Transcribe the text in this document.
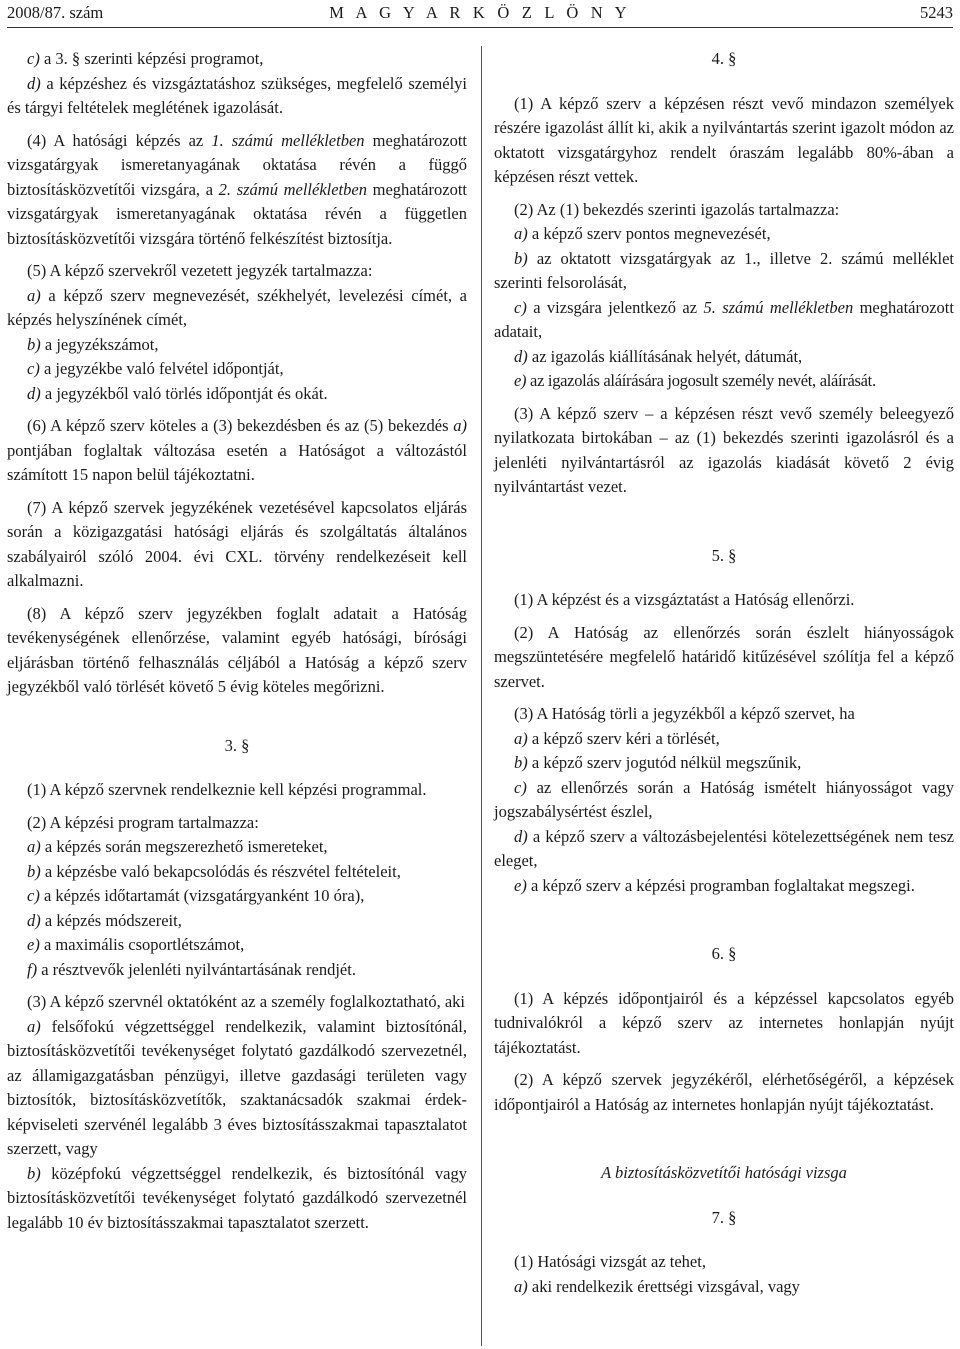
2008/87. szám	M A G Y A R K Ö Z L Ö N Y	5243

c) a 3. § szerinti képzési programot,

d) a képzéshez és vizsgáztatáshoz szükséges, megfelelő személyi és tárgyi feltételek meglétének igazolását.

(4) A hatósági képzés az 1. számú mellékletben meghatározott vizsgatárgyak ismeretanyagának oktatása révén a függő biztosításközvetítői vizsgára, a 2. számú mellékletben meghatározott vizsgatárgyak ismeretanyagának oktatása révén a független biztosításközvetítői vizsgára történő felkészítést biztosítja.

(5) A képző szervekről vezetett jegyzék tartalmazza:

a) a képző szerv megnevezését, székhelyét, levelezési címét, a képzés helyszínének címét,

b) a jegyzékszámot,

c) a jegyzékbe való felvétel időpontját,

d) a jegyzékből való törlés időpontját és okát.

(6) A képző szerv köteles a (3) bekezdésben és az (5) bekezdés a) pontjában foglaltak változása esetén a Hatóságot a változástól számított 15 napon belül tájékoztatni.

(7) A képző szervek jegyzékének vezetésével kapcsolatos eljárás során a közigazgatási hatósági eljárás és szolgáltatás általános szabályairól szóló 2004. évi CXL. törvény rendelkezéseit kell alkalmazni.

(8) A képző szerv jegyzékben foglalt adatait a Hatóság tevékenységének ellenőrzése, valamint egyéb hatósági, bírósági eljárásban történő felhasználás céljából a Hatóság a képző szerv jegyzékből való törlését követő 5 évig köteles megőrizni.

3. §

(1) A képző szervnek rendelkeznie kell képzési programmal.

(2) A képzési program tartalmazza:

a) a képzés során megszerezhető ismereteket,

b) a képzésbe való bekapcsolódás és részvétel feltételeit,

c) a képzés időtartamát (vizsgatárgyanként 10 óra),

d) a képzés módszereit,

e) a maximális csoportlétszámot,

f) a résztvevők jelenléti nyilvántartásának rendjét.

(3) A képző szervnél oktatóként az a személy foglalkoztatható, aki

a) felsőfokú végzettséggel rendelkezik, valamint biztosítónál, biztosításközvetítői tevékenységet folytató gazdálkodó szervezetnél, az államigazgatásban pénzügyi, illetve gazdasági területen vagy biztosítók, biztosításközvetítők, szaktanácsadók szakmai érdek-képviseleti szervénél legalább 3 éves biztosításszakmai tapasztalatot szerzett, vagy

b) középfokú végzettséggel rendelkezik, és biztosítónál vagy biztosításközvetítői tevékenységet folytató gazdálkodó szervezetnél legalább 10 év biztosításszakmai tapasztalatot szerzett.

4. §

(1) A képző szerv a képzésen részt vevő mindazon személyek részére igazolást állít ki, akik a nyilvántartás szerint igazolt módon az oktatott vizsgatárgyhoz rendelt óraszám legalább 80%-ában a képzésen részt vettek.

(2) Az (1) bekezdés szerinti igazolás tartalmazza:

a) a képző szerv pontos megnevezését,

b) az oktatott vizsgatárgyak az 1., illetve 2. számú melléklet szerinti felsorolását,

c) a vizsgára jelentkező az 5. számú mellékletben meghatározott adatait,

d) az igazolás kiállításának helyét, dátumát,

e) az igazolás aláírására jogosult személy nevét, aláírását.

(3) A képző szerv – a képzésen részt vevő személy beleegyező nyilatkozata birtokában – az (1) bekezdés szerinti igazolásról és a jelenléti nyilvántartásról az igazolás kiadását követő 2 évig nyilvántartást vezet.

5. §

(1) A képzést és a vizsgáztatást a Hatóság ellenőrzi.

(2) A Hatóság az ellenőrzés során észlelt hiányosságok megszüntetésére megfelelő határidő kitűzésével szólítja fel a képző szervet.

(3) A Hatóság törli a jegyzékből a képző szervet, ha

a) a képző szerv kéri a törlését,

b) a képző szerv jogutód nélkül megszűnik,

c) az ellenőrzés során a Hatóság ismételt hiányosságot vagy jogszabálysértést észlel,

d) a képző szerv a változásbejelentési kötelezettségének nem tesz eleget,

e) a képző szerv a képzési programban foglaltakat megszegi.

6. §

(1) A képzés időpontjairól és a képzéssel kapcsolatos egyéb tudnivalókról a képző szerv az internetes honlapján nyújt tájékoztatást.

(2) A képző szervek jegyzékéről, elérhetőségéről, a képzések időpontjairól a Hatóság az internetes honlapján nyújt tájékoztatást.

A biztosításközvetítői hatósági vizsga

7. §

(1) Hatósági vizsgát az tehet,

a) aki rendelkezik érettségi vizsgával, vagy
